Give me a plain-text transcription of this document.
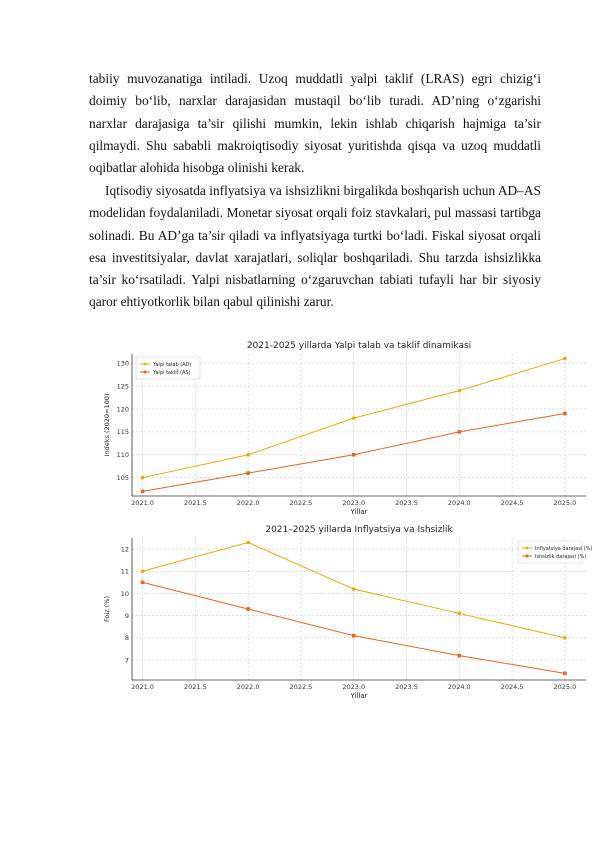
tabiiy muvozanatiga intiladi. Uzoq muddatli yalpi taklif (LRAS) egri chizig‘i doimiy bo‘lib, narxlar darajasidan mustaqil bo‘lib turadi. AD’ning o‘zgarishi narxlar darajasiga ta’sir qilishi mumkin, lekin ishlab chiqarish hajmiga ta’sir qilmaydi. Shu sababli makroiqtisodiy siyosat yuritishda qisqa va uzoq muddatli oqibatlar alohida hisobga olinishi kerak.

Iqtisodiy siyosatda inflyatsiya va ishsizlikni birgalikda boshqarish uchun AD–AS modelidan foydalaniladi. Monetar siyosat orqali foiz stavkalari, pul massasi tartibga solinadi. Bu AD’ga ta’sir qiladi va inflyatsiyaga turtki bo‘ladi. Fiskal siyosat orqali esa investitsiyalar, davlat xarajatlari, soliqlar boshqariladi. Shu tarzda ishsizlikka ta’sir ko‘rsatiladi. Yalpi nisbatlarning o‘zgaruvchan tabiati tufayli har bir siyosiy qaror ehtiyotkorlik bilan qabul qilinishi zarur.

2021-2025 yillarda Yalpi talab va taklif dinamikasi
2021.0	2021.5	2022.0	2022.5	2023.0	2023.5	2024.0	2024.5	2025.0
105
110
115
120
125
130
Yillar
Indeks (2020=100)
Yalpi talab (AD)
Yalpi taklif (AS)
2021–2025 yillarda Inflyatsiya va Ishsizlik
2021.0	2021.5	2022.0	2022.5	2023.0	2023.5	2024.0	2024.5	2025.0
7
8
9
10
11
12
Yillar
Foiz (%)
Inflyatsiya darajasi (%)
Ishsizlik darajasi (%)
